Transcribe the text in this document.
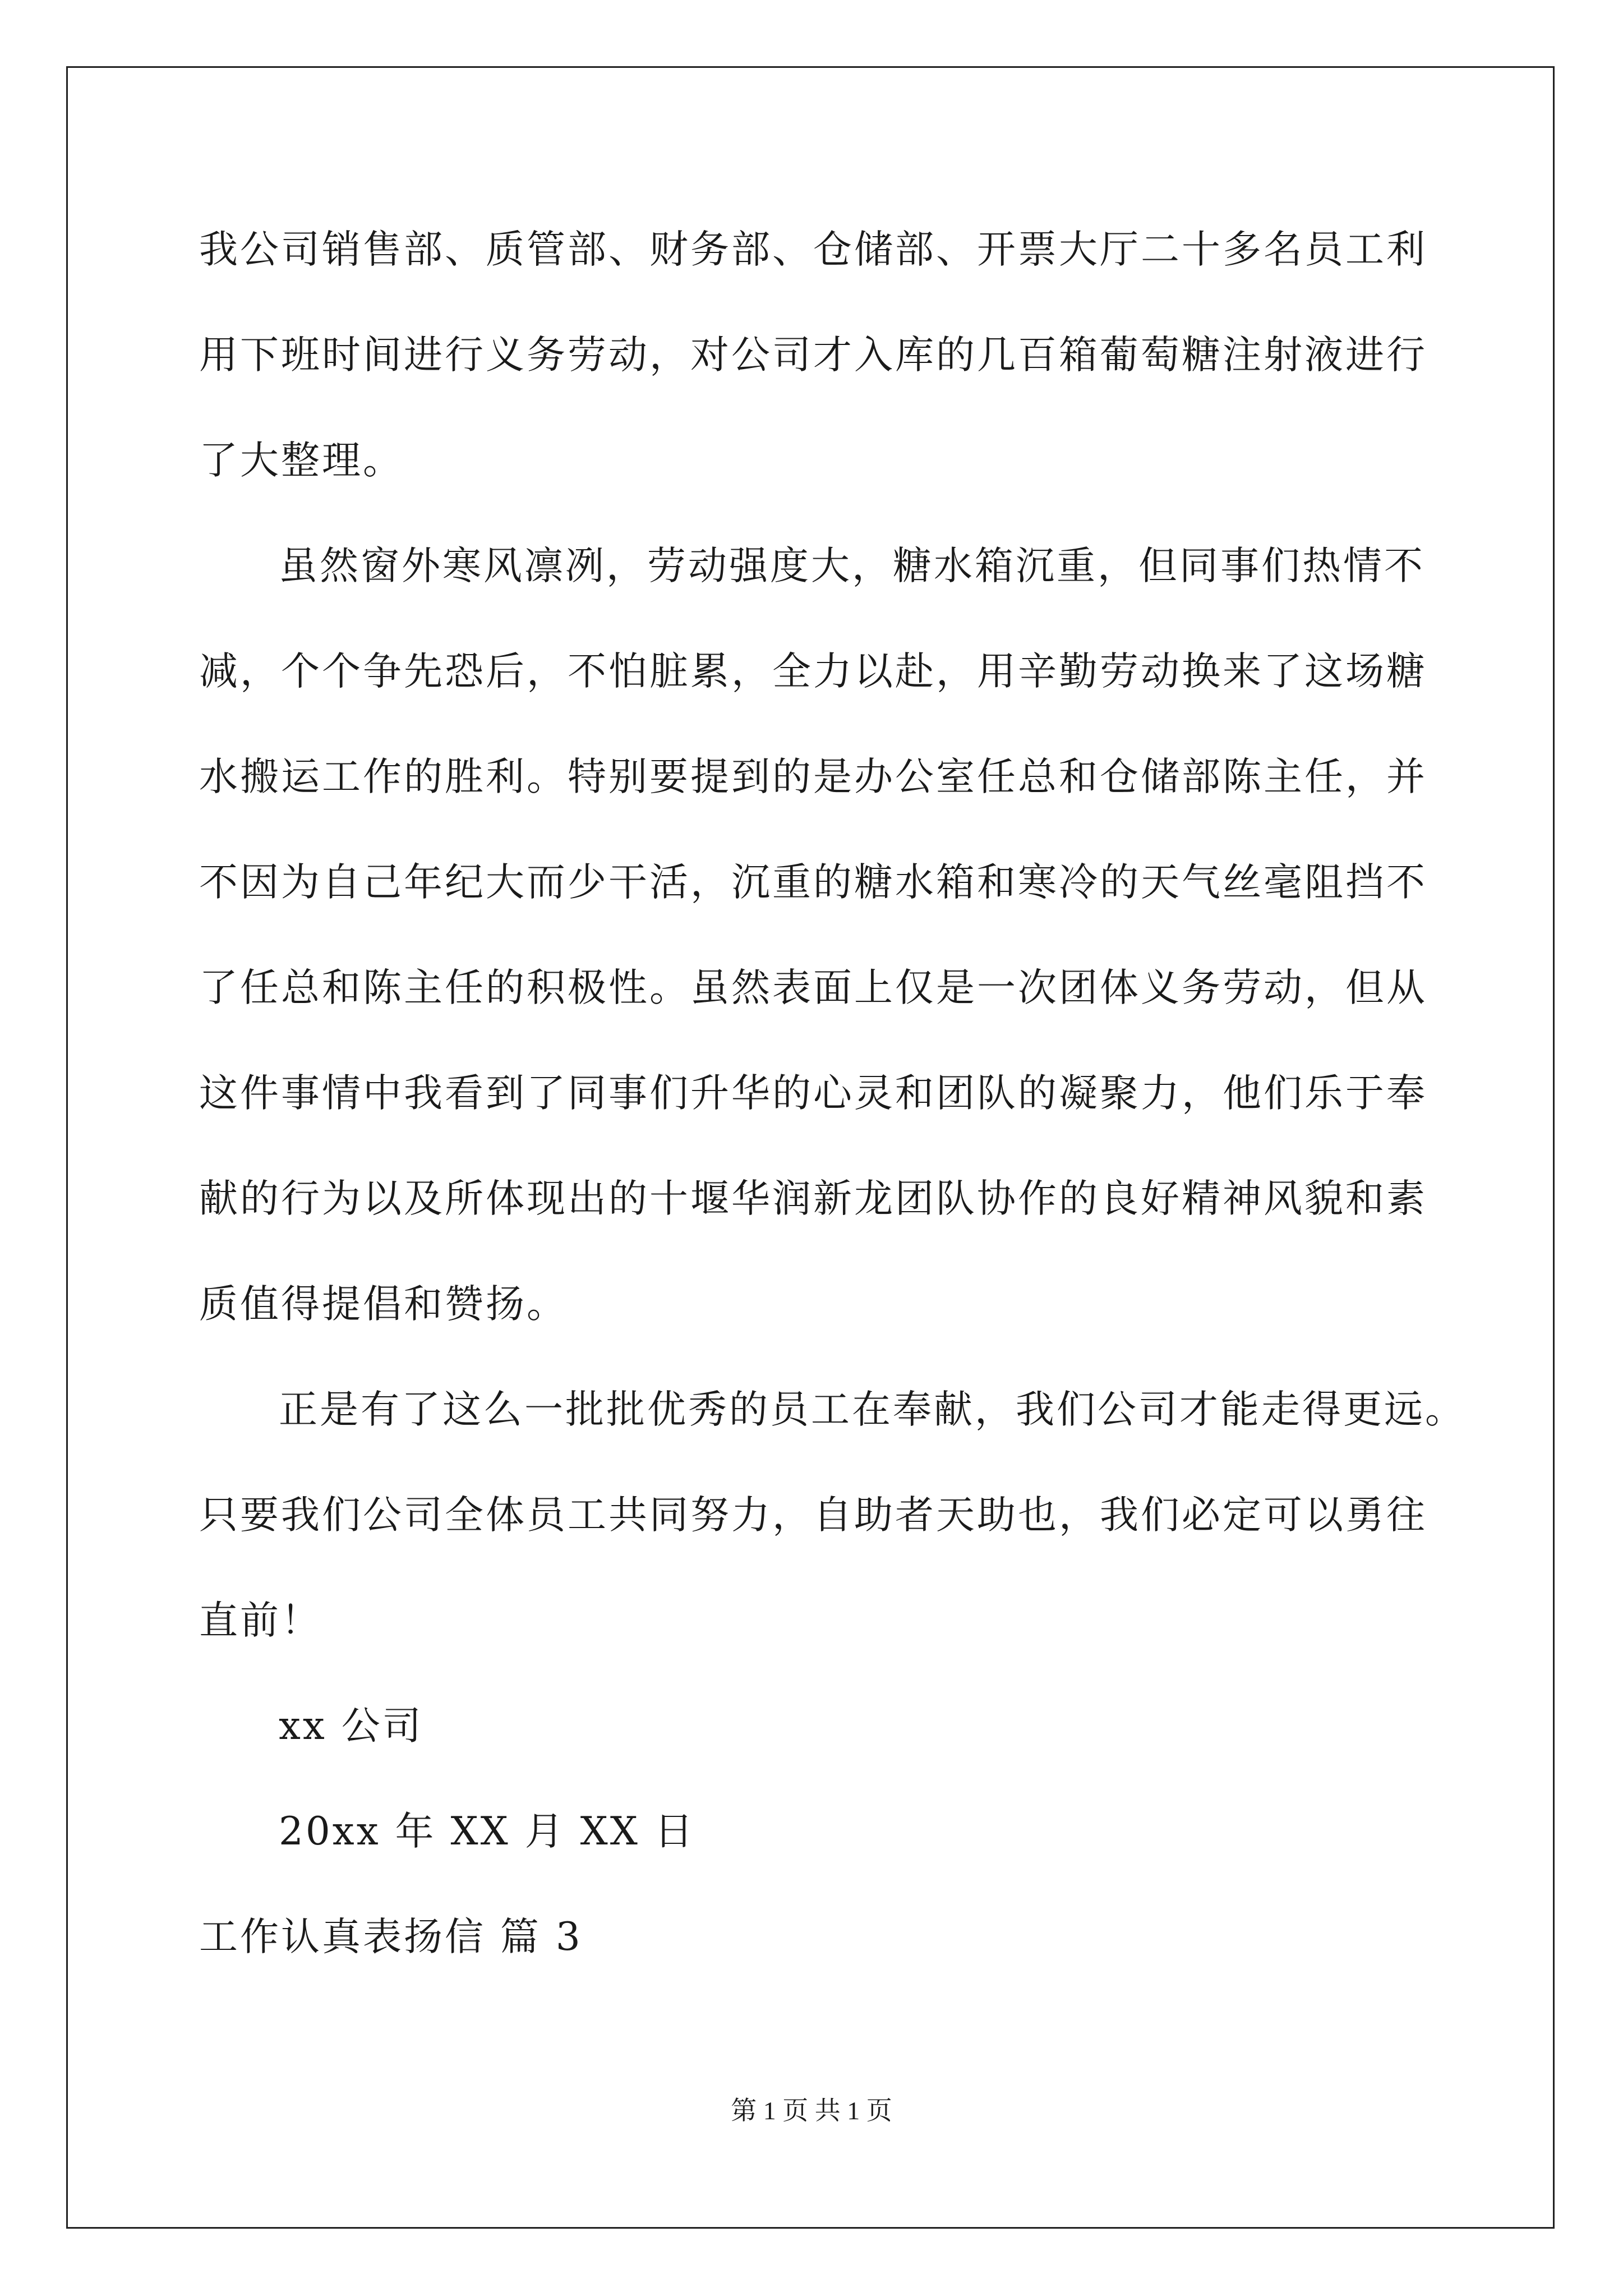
我公司销售部、质管部、财务部、仓储部、开票大厅二十多名员工利
用下班时间进行义务劳动，对公司才入库的几百箱葡萄糖注射液进行
了大整理。
虽然窗外寒风凛冽，劳动强度大，糖水箱沉重，但同事们热情不
减，个个争先恐后，不怕脏累，全力以赴，用辛勤劳动换来了这场糖
水搬运工作的胜利。特别要提到的是办公室任总和仓储部陈主任，并
不因为自己年纪大而少干活，沉重的糖水箱和寒冷的天气丝毫阻挡不
了任总和陈主任的积极性。虽然表面上仅是一次团体义务劳动，但从
这件事情中我看到了同事们升华的心灵和团队的凝聚力，他们乐于奉
献的行为以及所体现出的十堰华润新龙团队协作的良好精神风貌和素
质值得提倡和赞扬。
正是有了这么一批批优秀的员工在奉献，我们公司才能走得更远。
只要我们公司全体员工共同努力，自助者天助也，我们必定可以勇往
直前！
xx 公司
20xx 年 XX 月 XX 日
工作认真表扬信 篇 3
第 1 页 共 1 页
